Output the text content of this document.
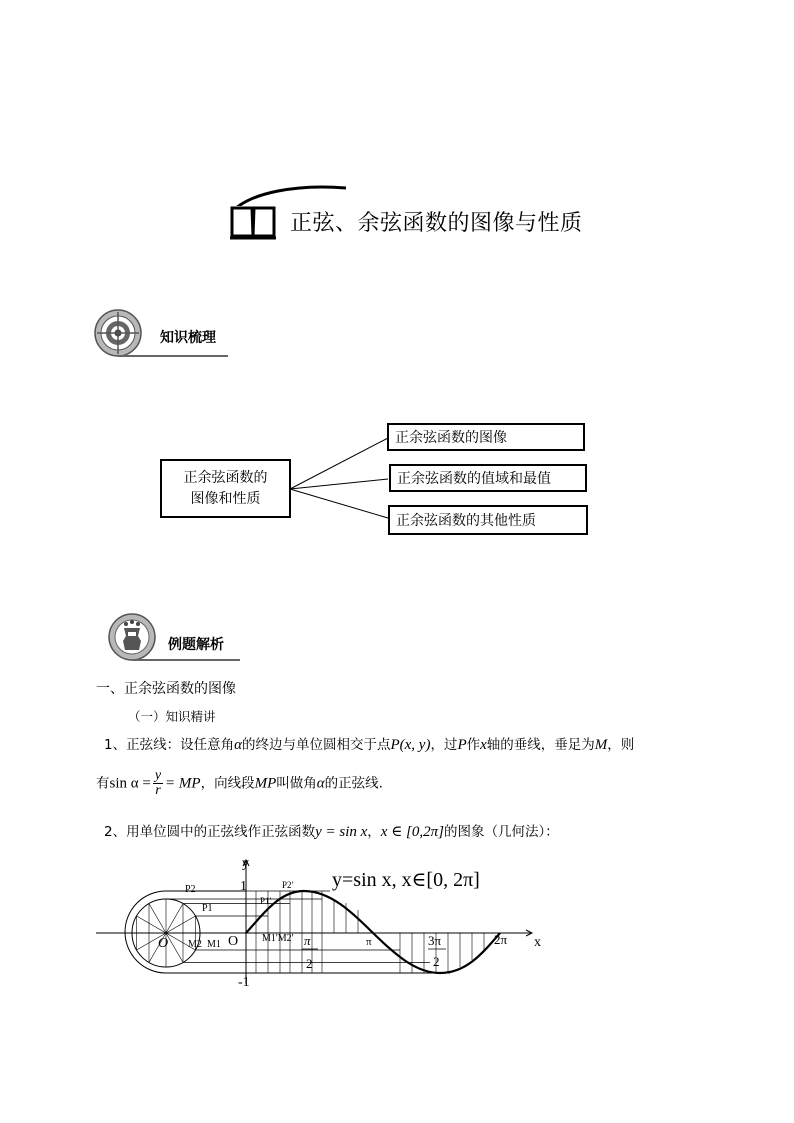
正弦、余弦函数的图像与性质
知识梳理
正余弦函数的
图像和性质
正余弦函数的图像
正余弦函数的值域和最值
正余弦函数的其他性质
例题解析
一、正余弦函数的图像
（一）知识精讲
1、正弦线：设任意角α的终边与单位圆相交于点P(x, y)，过P作x轴的垂线，垂足为M，则
有$\sin \alpha = \frac{y}{r}$ = MP，向线段MP叫做角α的正弦线.
2、用单位圆中的正弦线作正弦函数y = sin x，x ∈ [0,2π]的图象（几何法）：
y
x
1
-1
O
O
P2
P1
P2'
P1'
M2 M1
M1'M2' π
2
π	3π
2
2π
y=sin x, x∈[0, 2π]
